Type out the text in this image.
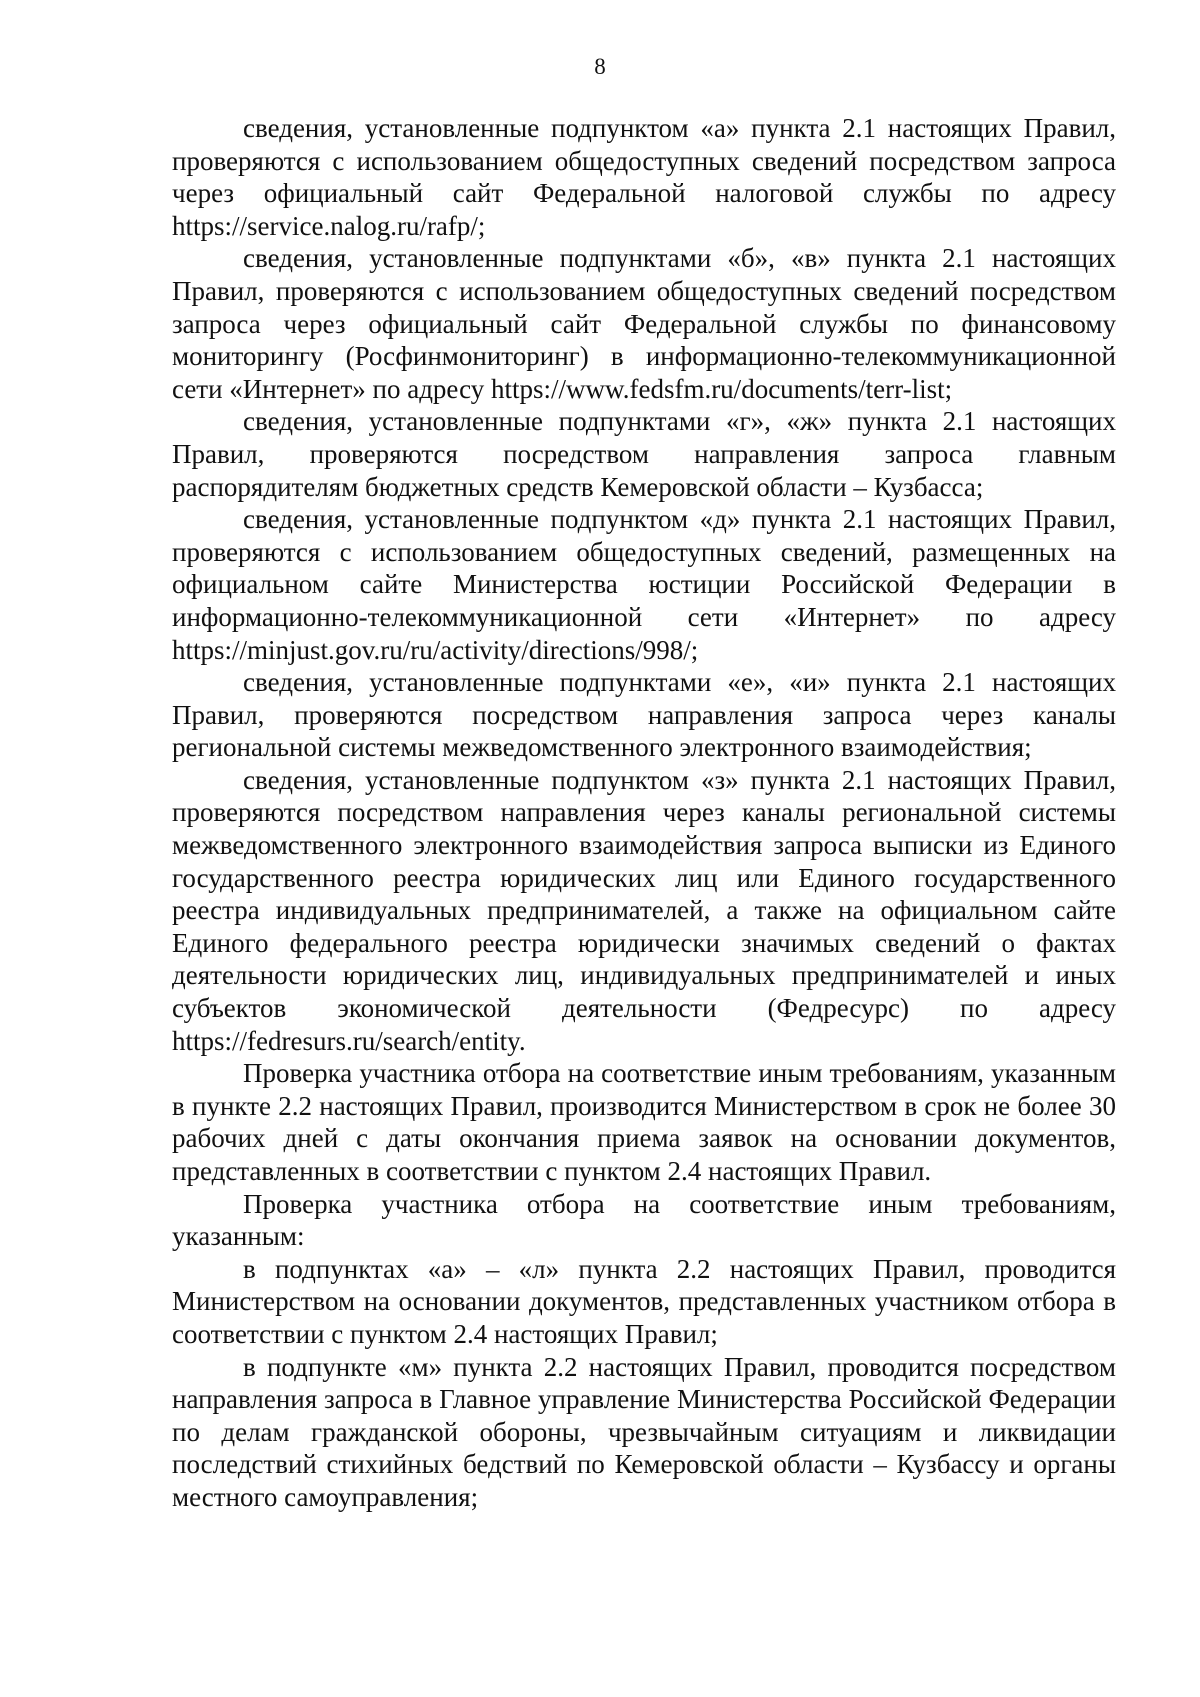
8

сведения, установленные подпунктом «а» пункта 2.1 настоящих Правил, проверяются с использованием общедоступных сведений посредством запроса через официальный сайт Федеральной налоговой службы по адресу https://service.nalog.ru/rafp/;

сведения, установленные подпунктами «б», «в» пункта 2.1 настоящих Правил, проверяются с использованием общедоступных сведений посредством запроса через официальный сайт Федеральной службы по финансовому мониторингу (Росфинмониторинг) в информационно-телекоммуникационной сети «Интернет» по адресу https://www.fedsfm.ru/documents/terr-list;

сведения, установленные подпунктами «г», «ж» пункта 2.1 настоящих Правил, проверяются посредством направления запроса главным распорядителям бюджетных средств Кемеровской области – Кузбасса;

сведения, установленные подпунктом «д» пункта 2.1 настоящих Правил, проверяются с использованием общедоступных сведений, размещенных на официальном сайте Министерства юстиции Российской Федерации в информационно-телекоммуникационной сети «Интернет» по адресу https://minjust.gov.ru/ru/activity/directions/998/;

сведения, установленные подпунктами «е», «и» пункта 2.1 настоящих Правил, проверяются посредством направления запроса через каналы региональной системы межведомственного электронного взаимодействия;

сведения, установленные подпунктом «з» пункта 2.1 настоящих Правил, проверяются посредством направления через каналы региональной системы межведомственного электронного взаимодействия запроса выписки из Единого государственного реестра юридических лиц или Единого государственного реестра индивидуальных предпринимателей, а также на официальном сайте Единого федерального реестра юридически значимых сведений о фактах деятельности юридических лиц, индивидуальных предпринимателей и иных субъектов экономической деятельности (Федресурс) по адресу https://fedresurs.ru/search/entity.

Проверка участника отбора на соответствие иным требованиям, указанным в пункте 2.2 настоящих Правил, производится Министерством в срок не более 30 рабочих дней с даты окончания приема заявок на основании документов, представленных в соответствии с пунктом 2.4 настоящих Правил.

Проверка участника отбора на соответствие иным требованиям, указанным:

в подпунктах «а» – «л» пункта 2.2 настоящих Правил, проводится Министерством на основании документов, представленных участником отбора в соответствии с пунктом 2.4 настоящих Правил;

в подпункте «м» пункта 2.2 настоящих Правил, проводится посредством направления запроса в Главное управление Министерства Российской Федерации по делам гражданской обороны, чрезвычайным ситуациям и ликвидации последствий стихийных бедствий по Кемеровской области – Кузбассу и органы местного самоуправления;
